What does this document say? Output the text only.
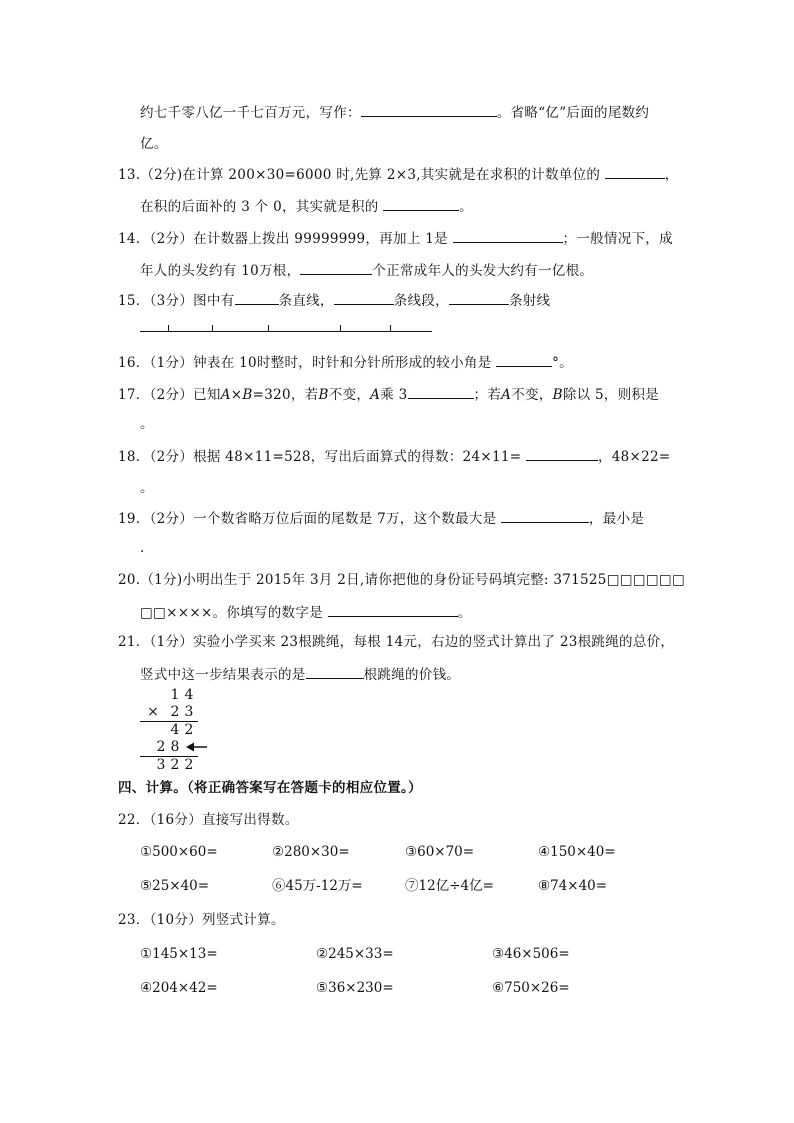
约七千零八亿一千七百万元，写作：	。省略“亿”后面的尾数约
亿。
13.（2分)在计算 200×30=6000 时,先算 2×3,其实就是在求积的计数单位的	，
在积的后面补的 3 个 0，其实就是积的	。
14．（2分）在计数器上拨出 99999999，再加上 1是	；一般情况下，成
年人的头发约有 10万根，	个正常成年人的头发大约有一亿根。
15．（3分）图中有	条直线，	条线段，	条射线
16．（1分）钟表在 10时整时，时针和分针所形成的较小角是	°。
17．（2分）已知A×B=320，若B不变，A乘 3	；若A不变，B除以 5，则积是
。
18．（2分）根据 48×11=528，写出后面算式的得数：24×11=	，48×22=
。
19．（2分）一个数省略万位后面的尾数是 7万，这个数最大是	，最小是
.
20.（1分)小明出生于 2015年 3月 2日,请你把他的身份证号码填完整: 371525□□□□□□
□□××××。你填写的数字是	。
21．（1分）实验小学买来 23根跳绳，每根 14元，右边的竖式计算出了 23根跳绳的总价，
竖式中这一步结果表示的是	根跳绳的价钱。
1 4
× 2 3
4 2
2 8
3 2 2
四、计算。（将正确答案写在答题卡的相应位置。）
22．（16分）直接写出得数。
①500×60=	②280×30=	③60×70=	④150×40=
⑤25×40=	⑥45万-12万=	⑦12亿÷4亿=	⑧74×40=
23．（10分）列竖式计算。
①145×13=	②245×33=	③46×506=
④204×42=	⑤36×230=	⑥750×26=
